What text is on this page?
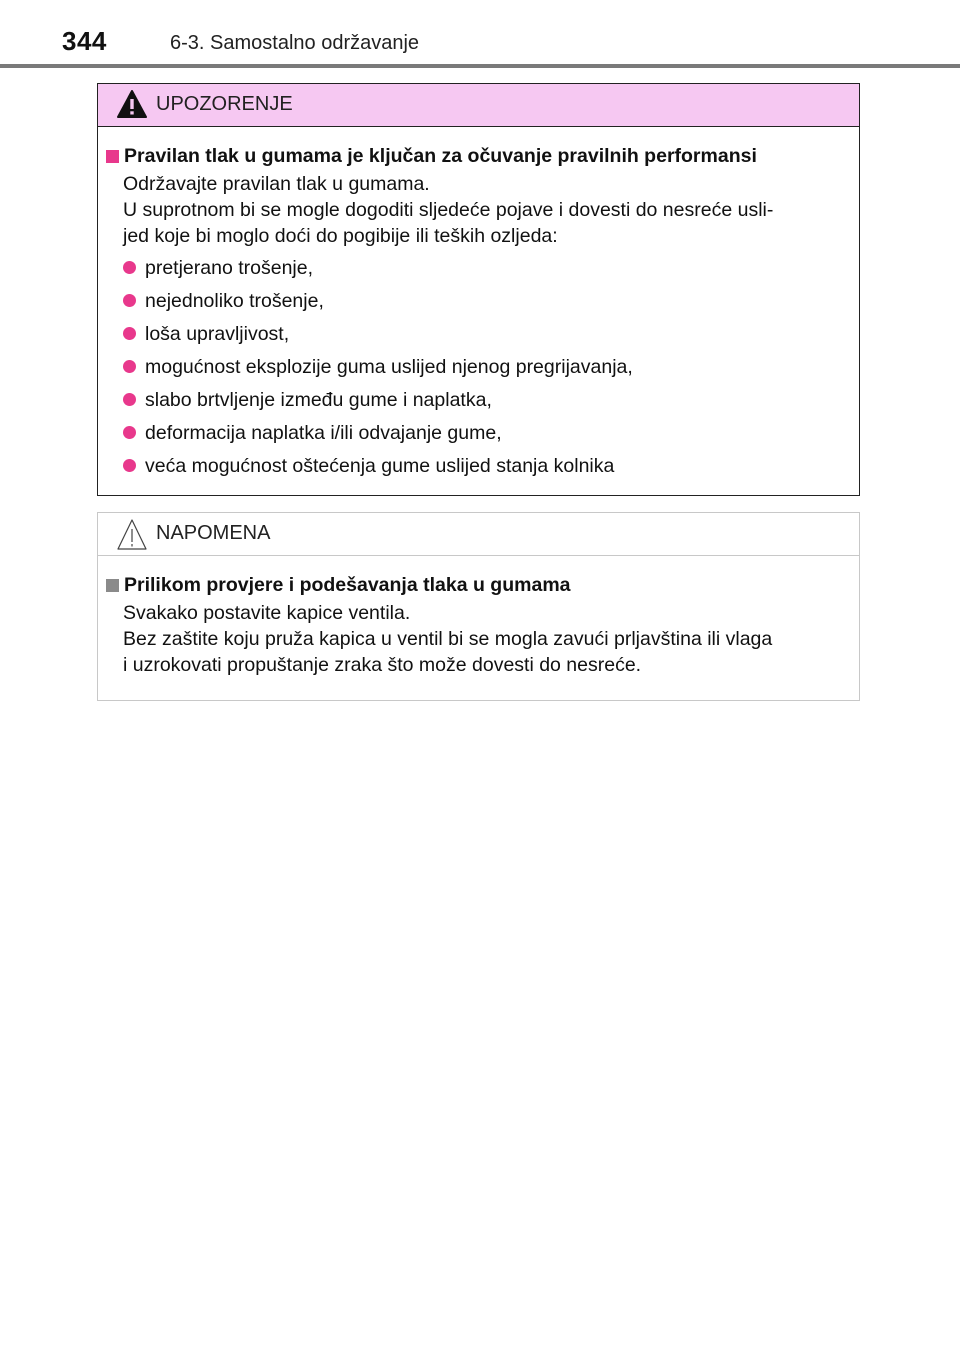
344	6-3. Samostalno održavanje
UPOZORENJE
Pravilan tlak u gumama je ključan za očuvanje pravilnih performansi
Održavajte pravilan tlak u gumama.
U suprotnom bi se mogle dogoditi sljedeće pojave i dovesti do nesreće usli-
jed koje bi moglo doći do pogibije ili teških ozljeda:
pretjerano trošenje,
nejednoliko trošenje,
loša upravljivost,
mogućnost eksplozije guma uslijed njenog pregrijavanja,
slabo brtvljenje između gume i naplatka,
deformacija naplatka i/ili odvajanje gume,
veća mogućnost oštećenja gume uslijed stanja kolnika
NAPOMENA
Prilikom provjere i podešavanja tlaka u gumama
Svakako postavite kapice ventila.
Bez zaštite koju pruža kapica u ventil bi se mogla zavući prljavština ili vlaga
i uzrokovati propuštanje zraka što može dovesti do nesreće.
